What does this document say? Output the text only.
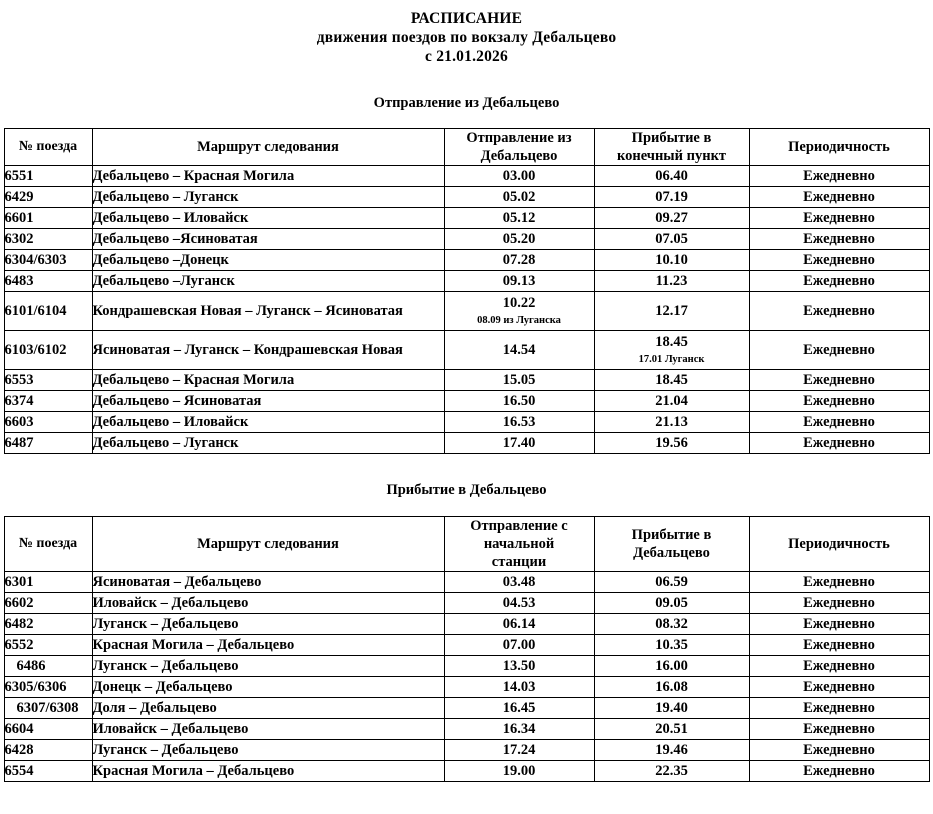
РАСПИСАНИЕ
движения поездов по вокзалу Дебальцево
с 21.01.2026
Отправление из Дебальцево
№ поезда	Маршрут следования	Отправление из
Дебальцево	Прибытие в
конечный пункт	Периодичность
6551	Дебальцево – Красная Могила	03.00	06.40	Ежедневно
6429	Дебальцево – Луганск	05.02	07.19	Ежедневно
6601	Дебальцево – Иловайск	05.12	09.27	Ежедневно
6302	Дебальцево –Ясиноватая	05.20	07.05	Ежедневно
6304/6303	Дебальцево –Донецк	07.28	10.10	Ежедневно
6483	Дебальцево –Луганск	09.13	11.23	Ежедневно
6101/6104	Кондрашевская Новая – Луганск – Ясиноватая	10.22
08.09 из Луганска	12.17	Ежедневно
6103/6102	Ясиноватая – Луганск – Кондрашевская Новая	14.54	18.45
17.01 Луганск	Ежедневно
6553	Дебальцево – Красная Могила	15.05	18.45	Ежедневно
6374	Дебальцево – Ясиноватая	16.50	21.04	Ежедневно
6603	Дебальцево – Иловайск	16.53	21.13	Ежедневно
6487	Дебальцево – Луганск	17.40	19.56	Ежедневно
Прибытие в Дебальцево
№ поезда	Маршрут следования	Отправление с
начальной
станции	Прибытие в
Дебальцево	Периодичность
6301	Ясиноватая – Дебальцево	03.48	06.59	Ежедневно
6602	Иловайск – Дебальцево	04.53	09.05	Ежедневно
6482	Луганск – Дебальцево	06.14	08.32	Ежедневно
6552	Красная Могила – Дебальцево	07.00	10.35	Ежедневно
6486	Луганск – Дебальцево	13.50	16.00	Ежедневно
6305/6306	Донецк – Дебальцево	14.03	16.08	Ежедневно
6307/6308	Доля – Дебальцево	16.45	19.40	Ежедневно
6604	Иловайск – Дебальцево	16.34	20.51	Ежедневно
6428	Луганск – Дебальцево	17.24	19.46	Ежедневно
6554	Красная Могила – Дебальцево	19.00	22.35	Ежедневно
